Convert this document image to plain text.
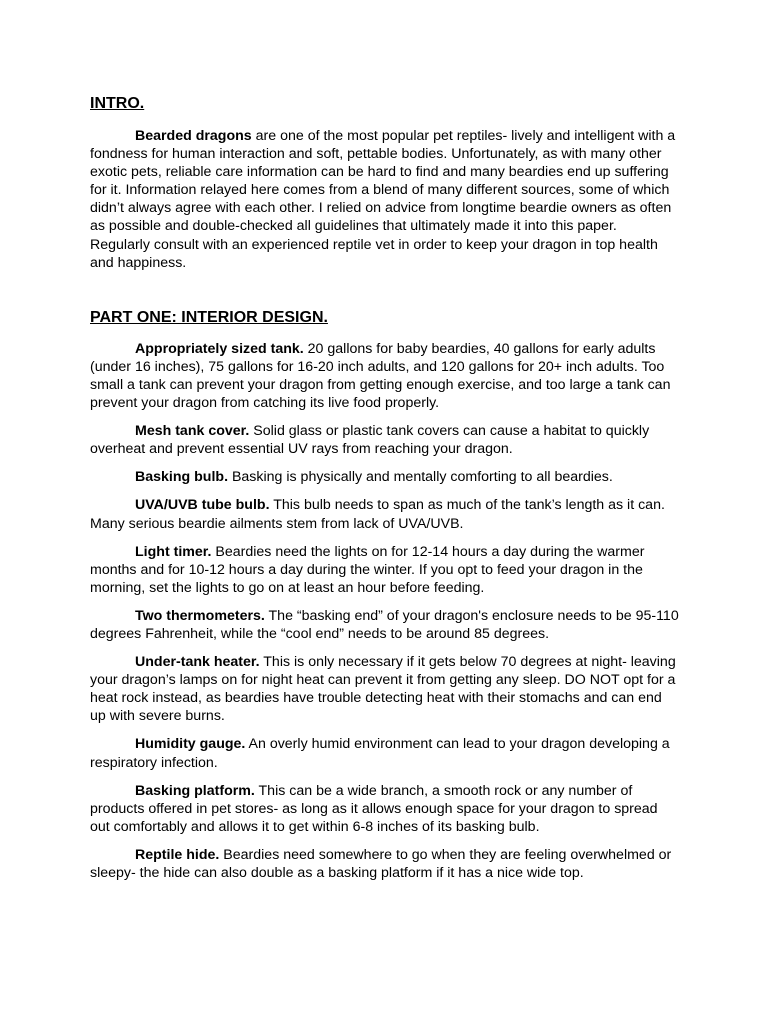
INTRO.

Bearded dragons are one of the most popular pet reptiles- lively and intelligent with a fondness for human interaction and soft, pettable bodies. Unfortunately, as with many other exotic pets, reliable care information can be hard to find and many beardies end up suffering for it. Information relayed here comes from a blend of many different sources, some of which didn’t always agree with each other. I relied on advice from longtime beardie owners as often as possible and double-checked all guidelines that ultimately made it into this paper. Regularly consult with an experienced reptile vet in order to keep your dragon in top health and happiness.

PART ONE: INTERIOR DESIGN.

Appropriately sized tank. 20 gallons for baby beardies, 40 gallons for early adults (under 16 inches), 75 gallons for 16-20 inch adults, and 120 gallons for 20+ inch adults. Too small a tank can prevent your dragon from getting enough exercise, and too large a tank can prevent your dragon from catching its live food properly.

Mesh tank cover. Solid glass or plastic tank covers can cause a habitat to quickly overheat and prevent essential UV rays from reaching your dragon.

Basking bulb. Basking is physically and mentally comforting to all beardies.

UVA/UVB tube bulb. This bulb needs to span as much of the tank’s length as it can. Many serious beardie ailments stem from lack of UVA/UVB.

Light timer. Beardies need the lights on for 12-14 hours a day during the warmer months and for 10-12 hours a day during the winter. If you opt to feed your dragon in the morning, set the lights to go on at least an hour before feeding.

Two thermometers. The “basking end” of your dragon's enclosure needs to be 95-110 degrees Fahrenheit, while the “cool end” needs to be around 85 degrees.

Under-tank heater. This is only necessary if it gets below 70 degrees at night- leaving your dragon’s lamps on for night heat can prevent it from getting any sleep. DO NOT opt for a heat rock instead, as beardies have trouble detecting heat with their stomachs and can end up with severe burns.

Humidity gauge. An overly humid environment can lead to your dragon developing a respiratory infection.

Basking platform. This can be a wide branch, a smooth rock or any number of products offered in pet stores- as long as it allows enough space for your dragon to spread out comfortably and allows it to get within 6-8 inches of its basking bulb.

Reptile hide. Beardies need somewhere to go when they are feeling overwhelmed or sleepy- the hide can also double as a basking platform if it has a nice wide top.
